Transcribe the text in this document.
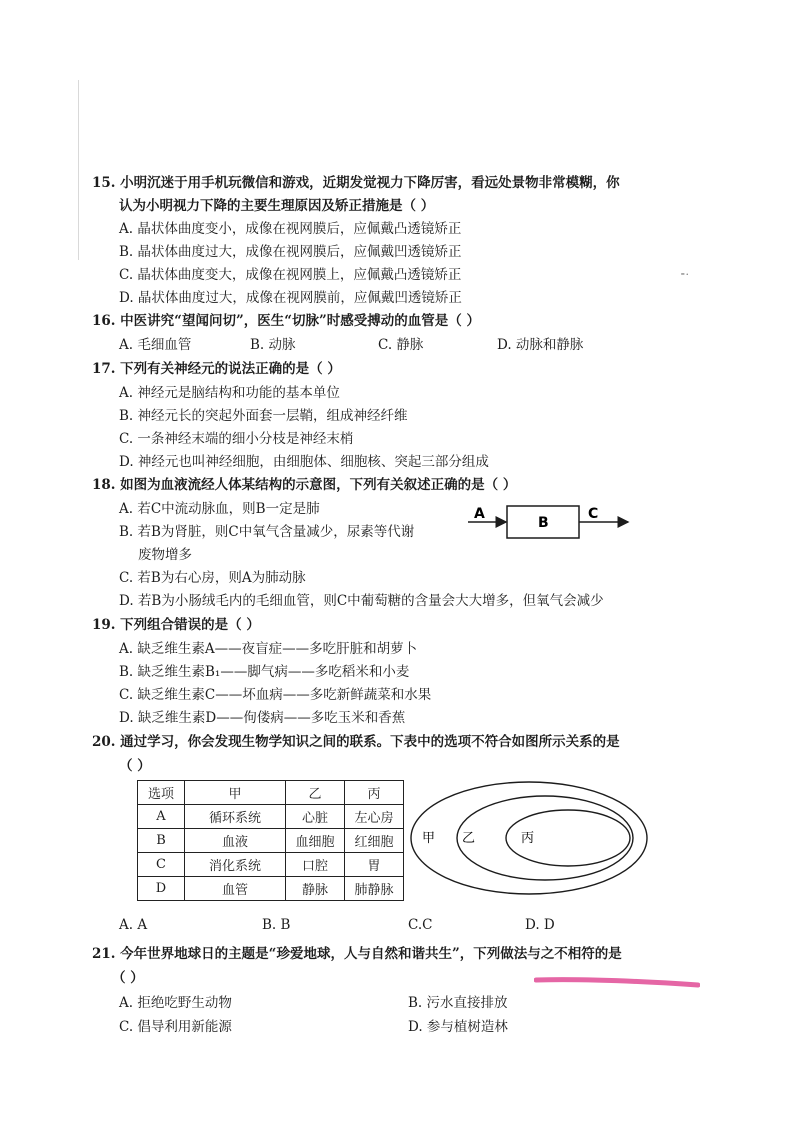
⁃·
15. 小明沉迷于用手机玩微信和游戏，近期发觉视力下降厉害，看远处景物非常模糊，你
认为小明视力下降的主要生理原因及矫正措施是（ ）
A. 晶状体曲度变小，成像在视网膜后，应佩戴凸透镜矫正
B. 晶状体曲度过大，成像在视网膜后，应佩戴凹透镜矫正
C. 晶状体曲度变大，成像在视网膜上，应佩戴凸透镜矫正
D. 晶状体曲度过大，成像在视网膜前，应佩戴凹透镜矫正
16. 中医讲究“望闻问切”，医生“切脉”时感受搏动的血管是（ ）
A. 毛细血管	B. 动脉	C. 静脉	D. 动脉和静脉
17. 下列有关神经元的说法正确的是（ ）
A. 神经元是脑结构和功能的基本单位
B. 神经元长的突起外面套一层鞘，组成神经纤维
C. 一条神经末端的细小分枝是神经末梢
D. 神经元也叫神经细胞，由细胞体、细胞核、突起三部分组成
18. 如图为血液流经人体某结构的示意图，下列有关叙述正确的是（ ）
A. 若C中流动脉血，则B一定是肺
B. 若B为肾脏，则C中氧气含量减少，尿素等代谢
废物增多
C. 若B为右心房，则A为肺动脉
D. 若B为小肠绒毛内的毛细血管，则C中葡萄糖的含量会大大增多，但氧气会减少
A
B
C
19. 下列组合错误的是（ ）
A. 缺乏维生素A——夜盲症——多吃肝脏和胡萝卜
B. 缺乏维生素B₁——脚气病——多吃稻米和小麦
C. 缺乏维生素C——坏血病——多吃新鲜蔬菜和水果
D. 缺乏维生素D——佝偻病——多吃玉米和香蕉
20. 通过学习，你会发现生物学知识之间的联系。下表中的选项不符合如图所示关系的是
（ ）
选项	甲	乙	丙
A	循环系统	心脏	左心房
B	血液	血细胞	红细胞
C	消化系统	口腔	胃
D	血管	静脉	肺静脉
甲 乙	丙
A. A	B. B	C.C	D. D
21. 今年世界地球日的主题是“珍爱地球，人与自然和谐共生”，下列做法与之不相符的是
（ ）
A. 拒绝吃野生动物	B. 污水直接排放
C. 倡导利用新能源	D. 参与植树造林
